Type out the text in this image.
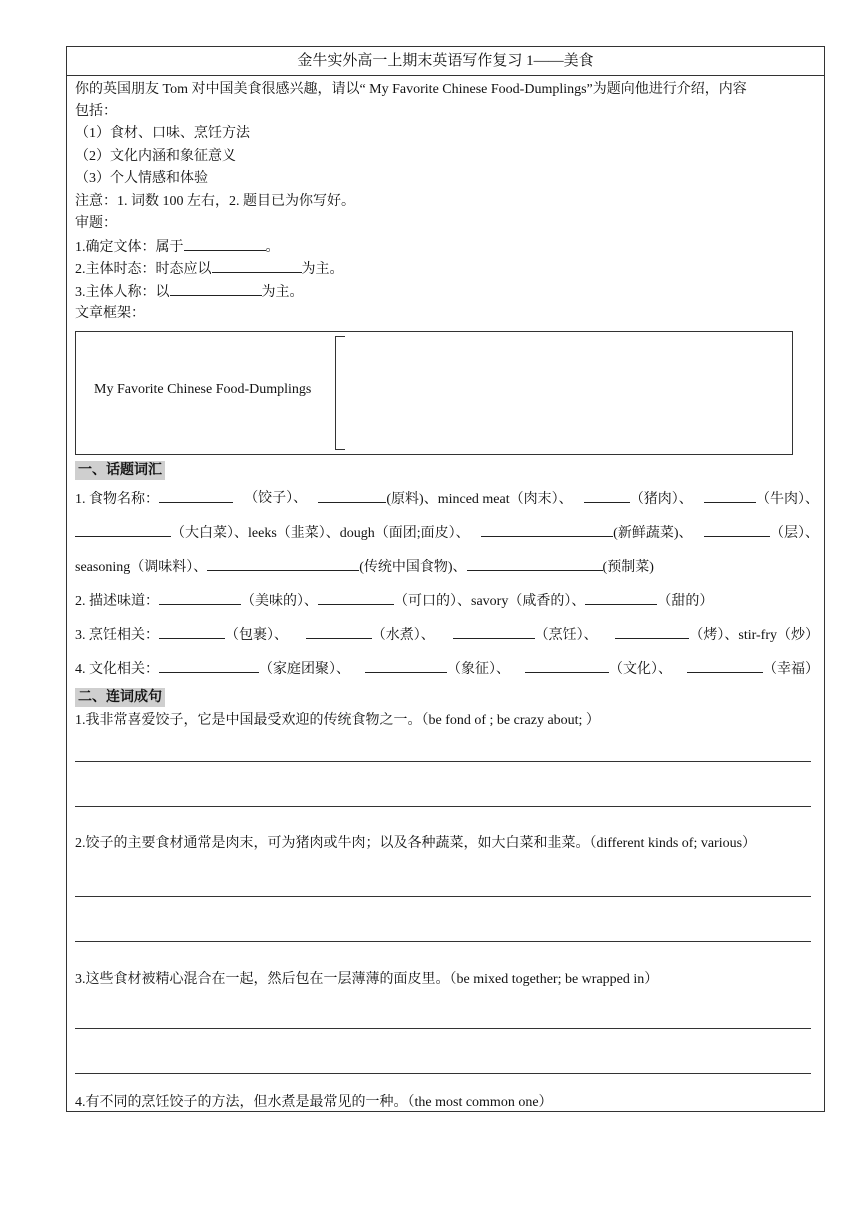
金牛实外高一上期末英语写作复习 1——美食
你的英国朋友 Tom 对中国美食很感兴趣，请以“ My Favorite Chinese Food-Dumplings”为题向他进行介绍，内容
包括：
（1）食材、口味、烹饪方法
（2）文化内涵和象征意义
（3）个人情感和体验
注意：1. 词数 100 左右，2. 题目已为你写好。
审题：
1.确定文体：属于	。
2.主体时态：时态应以	为主。
3.主体人称：以	为主。
文章框架：
My Favorite Chinese Food-Dumplings
一、话题词汇
1. 食物名称：	（饺子）、	(原料)、minced meat（肉末）、	（猪肉）、	（牛肉）、
（大白菜）、leeks（韭菜）、dough（面团;面皮）、	(新鲜蔬菜)、	（层）、
seasoning（调味料）、	(传统中国食物)、	(预制菜)
2. 描述味道：	（美味的）、	（可口的）、savory（咸香的）、	（甜的）
3. 烹饪相关：	（包裹）、	（水煮）、	（烹饪）、	（烤）、stir-fry（炒）
4. 文化相关：	（家庭团聚）、	（象征）、	（文化）、	（幸福）
二、连词成句
1.我非常喜爱饺子，它是中国最受欢迎的传统食物之一。（be fond of ; be crazy about; ）
2.饺子的主要食材通常是肉末，可为猪肉或牛肉；以及各种蔬菜，如大白菜和韭菜。（different kinds of; various）
3.这些食材被精心混合在一起，然后包在一层薄薄的面皮里。（be mixed together; be wrapped in）
4.有不同的烹饪饺子的方法，但水煮是最常见的一种。（the most common one）
